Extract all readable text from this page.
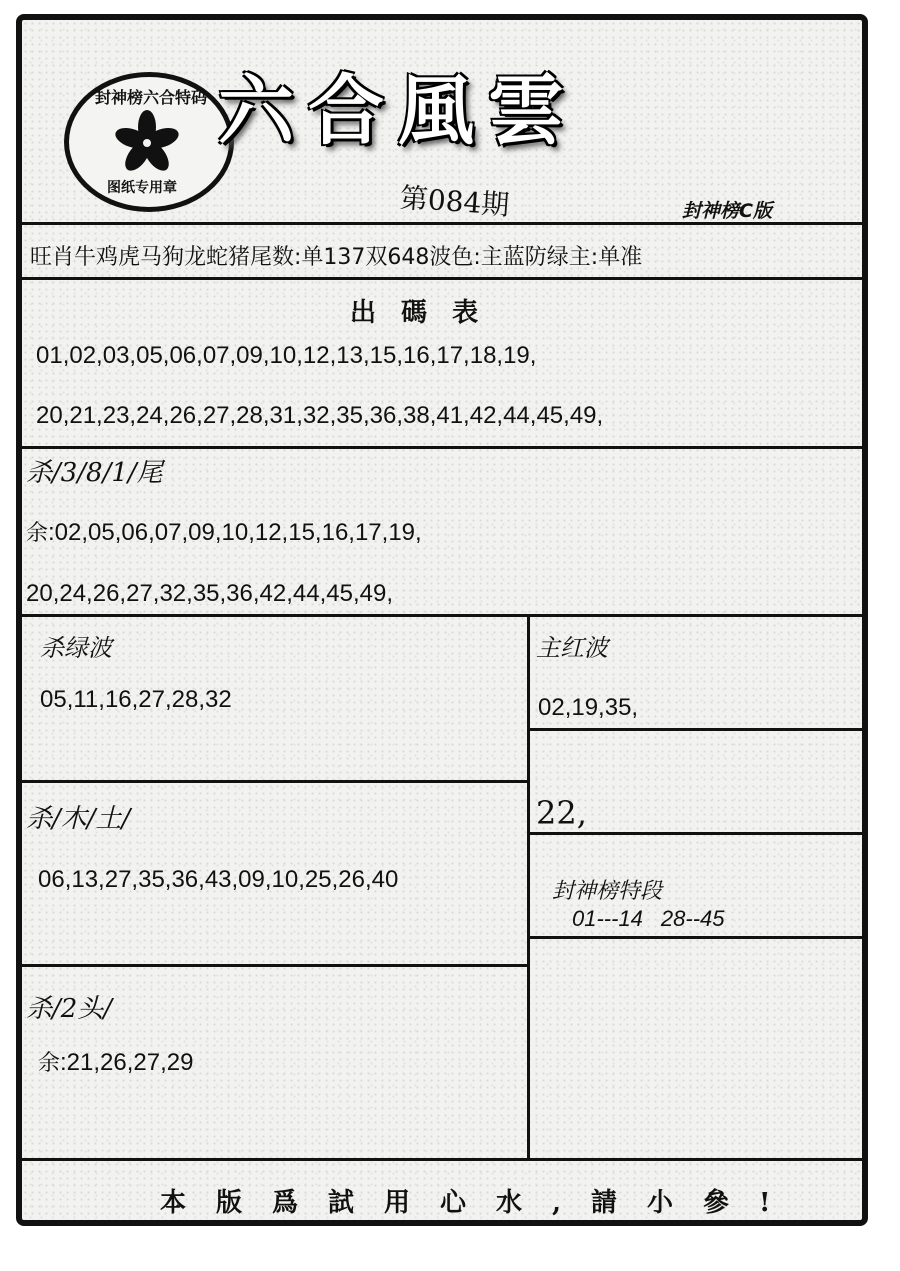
封神榜六合特码
图纸专用章
六合風雲
第084期	封神榜C版
旺肖牛鸡虎马狗龙蛇猪尾数:单137双648波色:主蓝防绿主:单准
出 碼 表
01,02,03,05,06,07,09,10,12,13,15,16,17,18,19,
20,21,23,24,26,27,28,31,32,35,36,38,41,42,44,45,49,
杀/3/8/1/尾
余:02,05,06,07,09,10,12,15,16,17,19,
20,24,26,27,32,35,36,42,44,45,49,
杀绿波
05,11,16,27,28,32
主红波
02,19,35,
22,
杀/木/土/
06,13,27,35,36,43,09,10,25,26,40	封神榜特段
01---14 28--45
杀/2头/
余:21,26,27,29
本版爲試用心水,請小參!
